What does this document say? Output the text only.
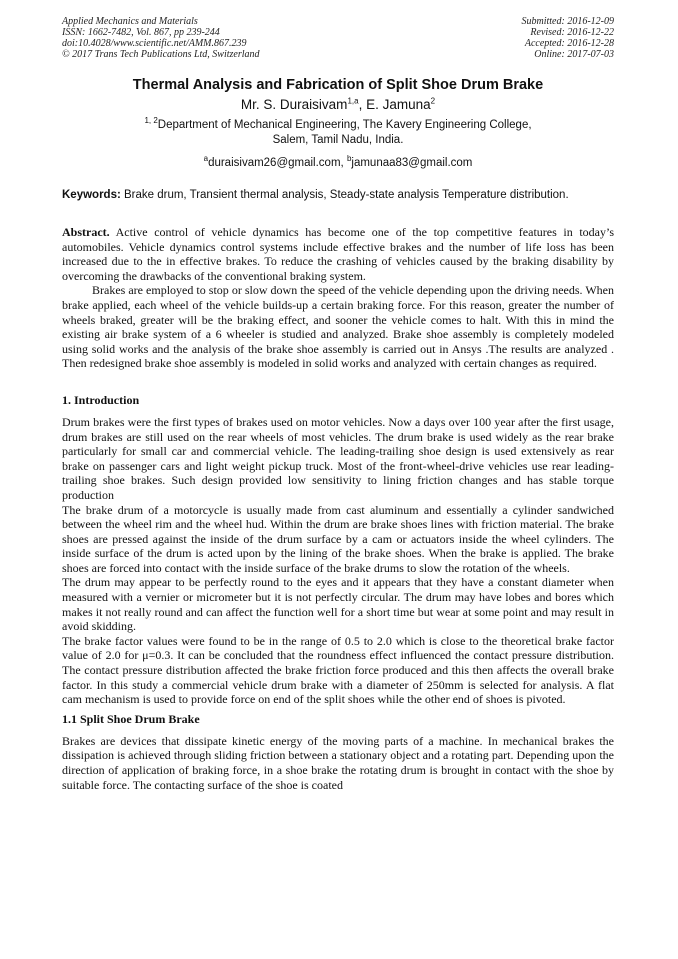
Applied Mechanics and Materials
ISSN: 1662-7482, Vol. 867, pp 239-244
doi:10.4028/www.scientific.net/AMM.867.239
© 2017 Trans Tech Publications Ltd, Switzerland
Submitted: 2016-12-09
Revised: 2016-12-22
Accepted: 2016-12-28
Online: 2017-07-03
Thermal Analysis and Fabrication of Split Shoe Drum Brake
Mr. S. Duraisivam$^{1,a}$, E. Jamuna$^2$
$^{1, 2}$Department of Mechanical Engineering, The Kavery Engineering College,
Salem, Tamil Nadu, India.
$^a$duraisivam26@gmail.com, $^b$jamunaa83@gmail.com
Keywords: Brake drum, Transient thermal analysis, Steady-state analysis Temperature distribution.

Abstract. Active control of vehicle dynamics has become one of the top competitive features in today’s automobiles. Vehicle dynamics control systems include effective brakes and the number of life loss has been increased due to the in effective brakes. To reduce the crashing of vehicles caused by the braking disability by overcoming the drawbacks of the conventional braking system.

Brakes are employed to stop or slow down the speed of the vehicle depending upon the driving needs. When brake applied, each wheel of the vehicle builds-up a certain braking force. For this reason, greater the number of wheels braked, greater will be the braking effect, and sooner the vehicle comes to halt. With this in mind the existing air brake system of a 6 wheeler is studied and analyzed. Brake shoe assembly is completely modeled using solid works and the analysis of the brake shoe assembly is carried out in Ansys .The results are analyzed . Then redesigned brake shoe assembly is modeled in solid works and analyzed with certain changes as required.

1. Introduction

Drum brakes were the first types of brakes used on motor vehicles. Now a days over 100 year after the first usage, drum brakes are still used on the rear wheels of most vehicles. The drum brake is used widely as the rear brake particularly for small car and commercial vehicle. The leading-trailing shoe design is used extensively as rear brake on passenger cars and light weight pickup truck. Most of the front-wheel-drive vehicles use rear leading-trailing shoe brakes. Such design provided low sensitivity to lining friction changes and has stable torque production

The brake drum of a motorcycle is usually made from cast aluminum and essentially a cylinder sandwiched between the wheel rim and the wheel hud. Within the drum are brake shoes lines with friction material. The brake shoes are pressed against the inside of the drum surface by a cam or actuators inside the wheel cylinders. The inside surface of the drum is acted upon by the lining of the brake shoes. When the brake is applied. The brake shoes are forced into contact with the inside surface of the brake drums to slow the rotation of the wheels.

The drum may appear to be perfectly round to the eyes and it appears that they have a constant diameter when measured with a vernier or micrometer but it is not perfectly circular. The drum may have lobes and bores which makes it not really round and can affect the function well for a short time but wear at some point and may result in avoid skidding.

The brake factor values were found to be in the range of 0.5 to 2.0 which is close to the theoretical brake factor value of 2.0 for μ=0.3. It can be concluded that the roundness effect influenced the contact pressure distribution. The contact pressure distribution affected the brake friction force produced and this then affects the overall brake factor. In this study a commercial vehicle drum brake with a diameter of 250mm is selected for analysis. A flat cam mechanism is used to provide force on end of the split shoes while the other end of shoes is pivoted.

1.1 Split Shoe Drum Brake

Brakes are devices that dissipate kinetic energy of the moving parts of a machine. In mechanical brakes the dissipation is achieved through sliding friction between a stationary object and a rotating part. Depending upon the direction of application of braking force, in a shoe brake the rotating drum is brought in contact with the shoe by suitable force. The contacting surface of the shoe is coated
